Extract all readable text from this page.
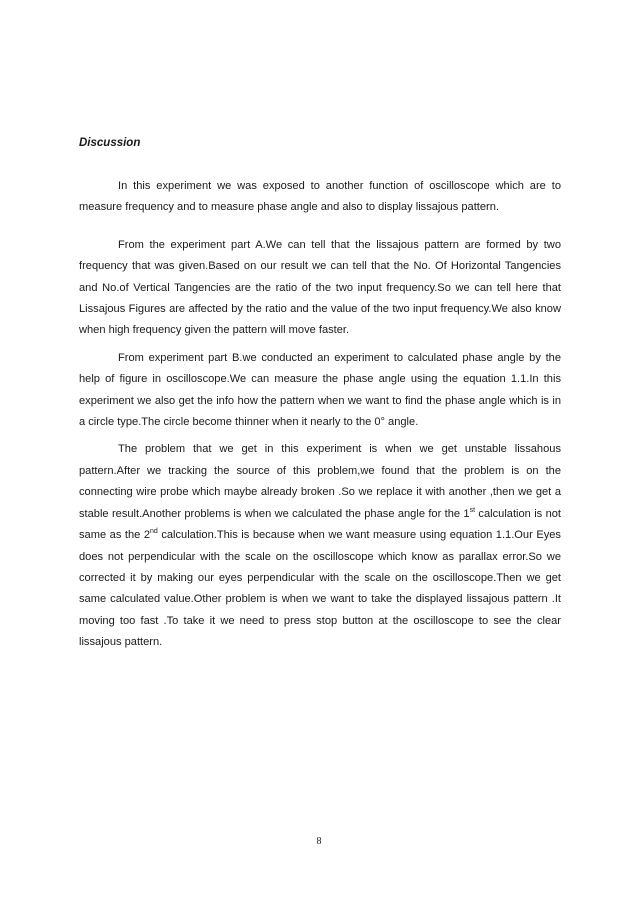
Discussion

In this experiment we was exposed to another function of oscilloscope which are to measure frequency and to measure phase angle and also to display lissajous pattern.

From the experiment part A.We can tell that the lissajous pattern are formed by two frequency that was given.Based on our result we can tell that the No. Of Horizontal Tangencies and No.of Vertical Tangencies are the ratio of the two input frequency.So we can tell here that Lissajous Figures are affected by the ratio and the value of the two input frequency.We also know when high frequency given the pattern will move faster.

From experiment part B.we conducted an experiment to calculated phase angle by the help of figure in oscilloscope.We can measure the phase angle using the equation 1.1.In this experiment we also get the info how the pattern when we want to find the phase angle which is in a circle type.The circle become thinner when it nearly to the 0° angle.

The problem that we get in this experiment is when we get unstable lissahous pattern.After we tracking the source of this problem,we found that the problem is on the connecting wire probe which maybe already broken .So we replace it with another ,then we get a stable result.Another problems is when we calculated the phase angle for the 1st calculation is not same as the 2nd calculation.This is because when we want measure using equation 1.1.Our Eyes does not perpendicular with the scale on the oscilloscope which know as parallax error.So we corrected it by making our eyes perpendicular with the scale on the oscilloscope.Then we get same calculated value.Other problem is when we want to take the displayed lissajous pattern .It moving too fast .To take it we need to press stop button at the oscilloscope to see the clear lissajous pattern.

8
